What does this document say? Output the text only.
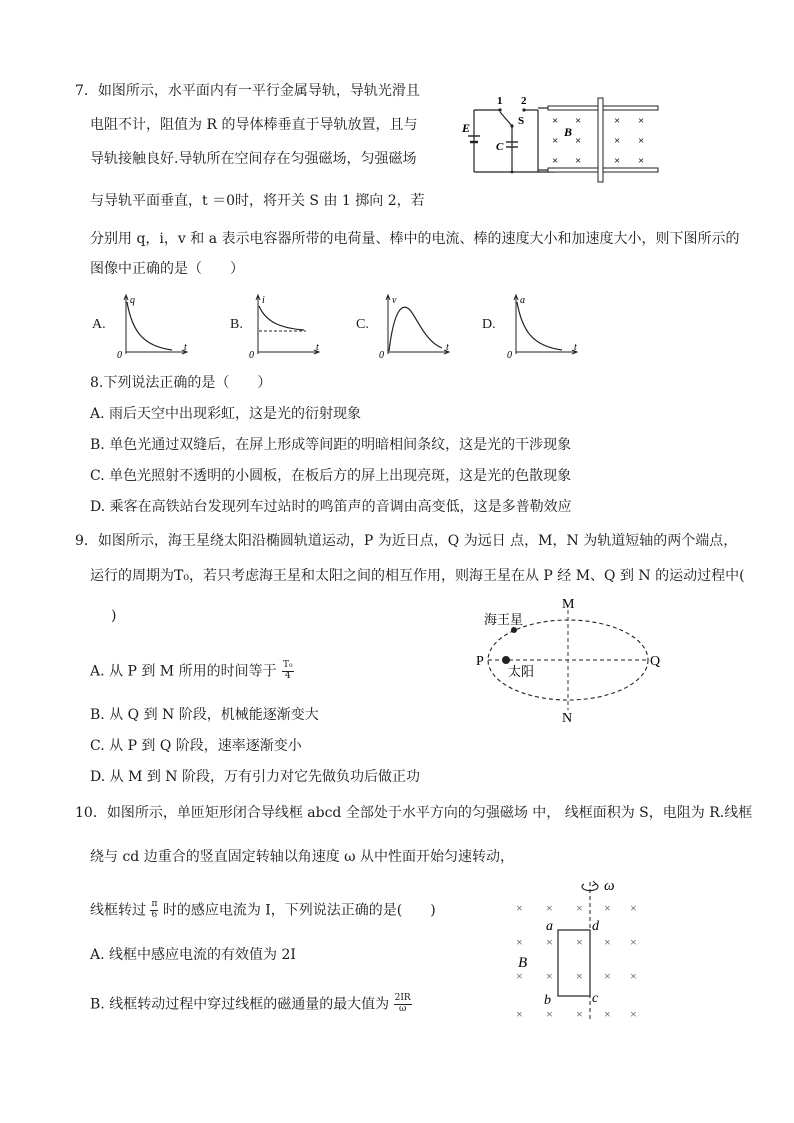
7．如图所示，水平面内有一平行金属导轨，导轨光滑且
电阻不计，阻值为 R 的导体棒垂直于导轨放置，且与
导轨接触良好.导轨所在空间存在匀强磁场，匀强磁场
与导轨平面垂直，t ＝0时，将开关 S 由 1 掷向 2，若
分别用 q，i，v 和 a 表示电容器所带的电荷量、棒中的电流、棒的速度大小和加速度大小，则下图所示的
图像中正确的是（　　）
E
1 2
S
C
× ×	× ×
× ×	× ×
× ×	× ×
B
A.
q
t
0
B.
i
t
0
C.
v
t
0
D.
a
t
0
8.下列说法正确的是（　　）
A. 雨后天空中出现彩虹，这是光的衍射现象
B. 单色光通过双缝后，在屏上形成等间距的明暗相间条纹，这是光的干涉现象
C. 单色光照射不透明的小圆板，在板后方的屏上出现亮斑，这是光的色散现象
D. 乘客在高铁站台发现列车过站时的鸣笛声的音调由高变低，这是多普勒效应
9．如图所示，海王星绕太阳沿椭圆轨道运动，P 为近日点，Q 为远日 点，M，N 为轨道短轴的两个端点，
运行的周期为T₀，若只考虑海王星和太阳之间的相互作用，则海王星在从 P 经 M、Q 到 N 的运动过程中(
)
A. 从 P 到 M 所用的时间等于 $\frac{\text{T₀}}{4}$
B. 从 Q 到 N 阶段，机械能逐渐变大
C. 从 P 到 Q 阶段，速率逐渐变小
D. 从 M 到 N 阶段，万有引力对它先做负功后做正功
M
N
P	Q
海王星
太阳
10．如图所示，单匝矩形闭合导线框 abcd 全部处于水平方向的匀强磁场 中， 线框面积为 S，电阻为 R.线框
绕与 cd 边重合的竖直固定转轴以角速度 ω 从中性面开始匀速转动，
线框转过 $\frac{\pi}{6}$ 时的感应电流为 I，下列说法正确的是(　　)
A. 线框中感应电流的有效值为 2I
B. 线框转动过程中穿过线框的磁通量的最大值为 $\frac{2IR}{\omega}$
ω
× × × × ×
× × × × ×
× × × ×
×
× × × × ×
a	d
b	c
B
